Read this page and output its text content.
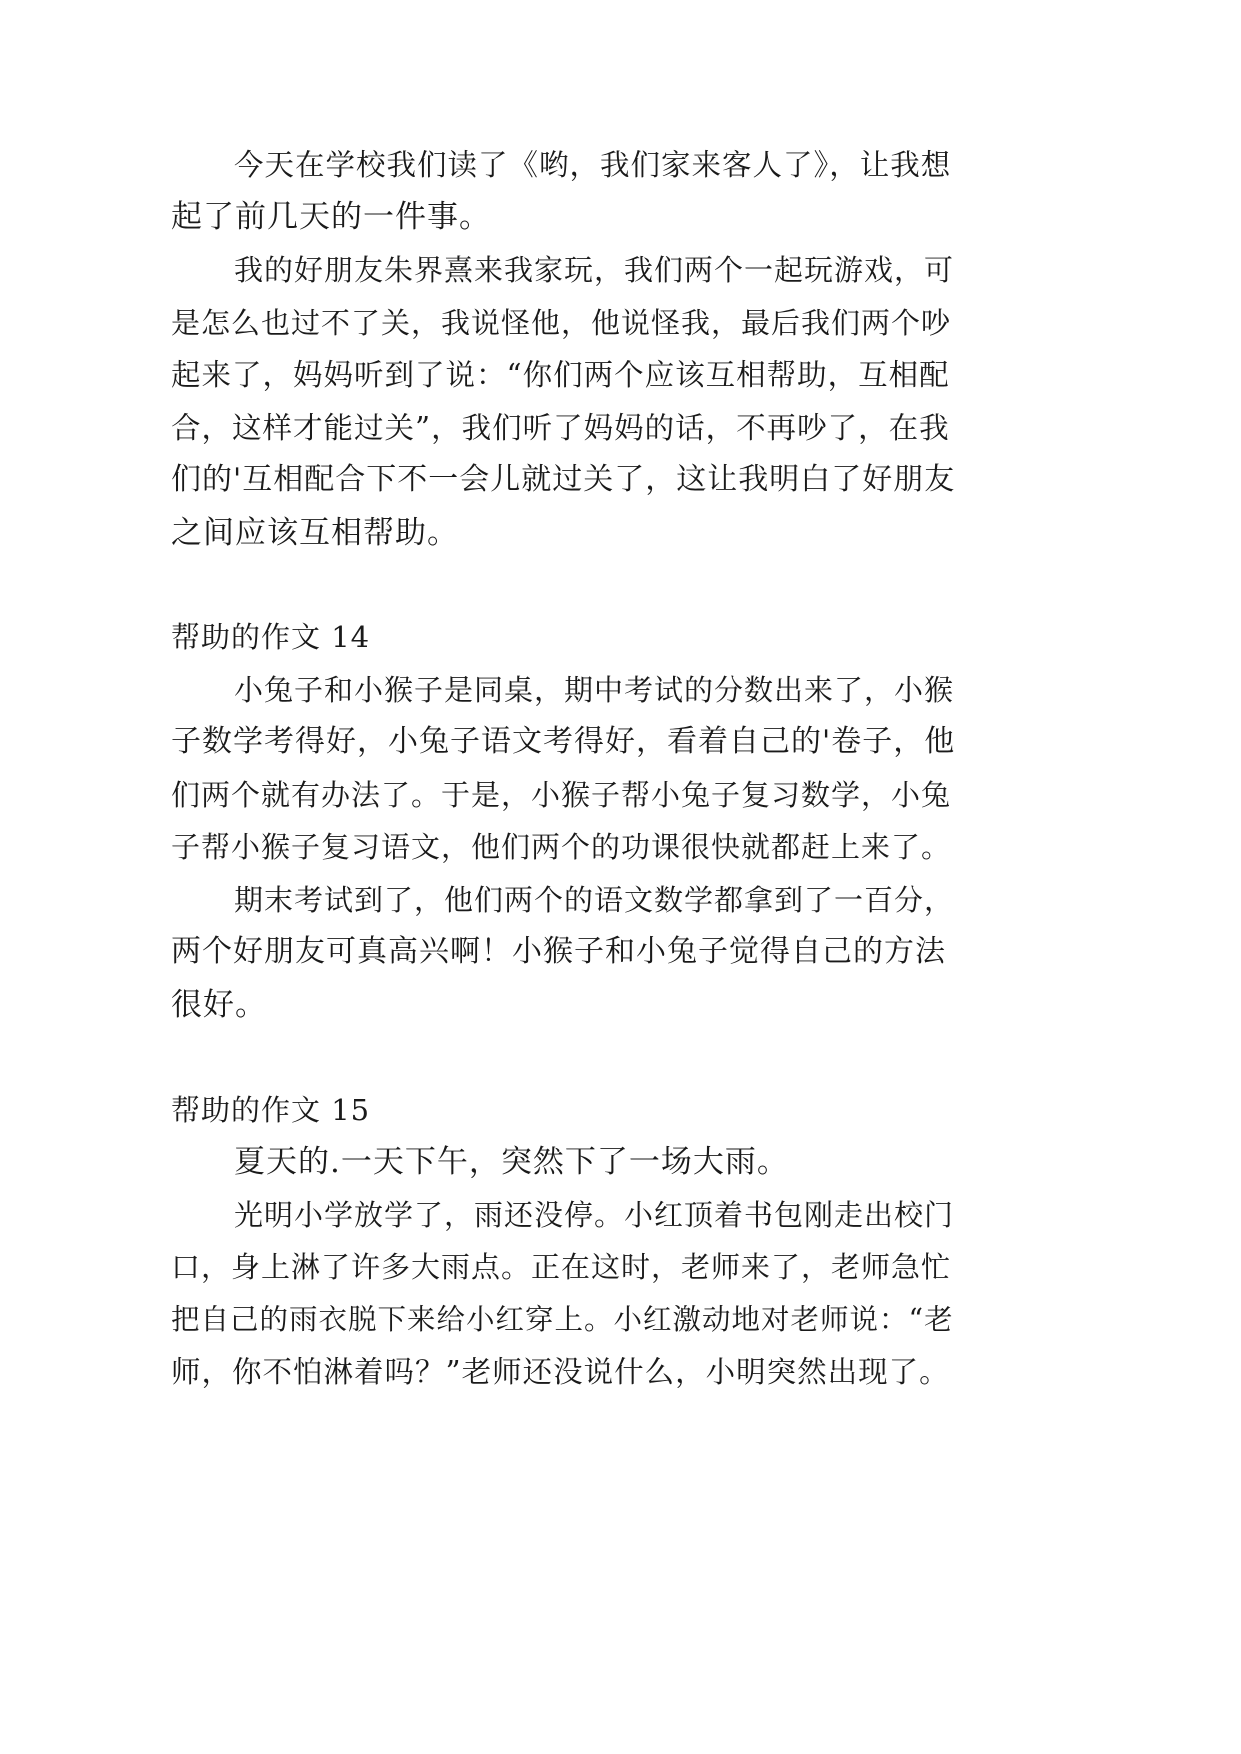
今天在学校我们读了《哟，我们家来客人了》，让我想
起了前几天的一件事。
我的好朋友朱界熹来我家玩，我们两个一起玩游戏，可
是怎么也过不了关，我说怪他，他说怪我，最后我们两个吵
起来了，妈妈听到了说：“你们两个应该互相帮助，互相配
合，这样才能过关”，我们听了妈妈的话，不再吵了，在我
们的'互相配合下不一会儿就过关了，这让我明白了好朋友
之间应该互相帮助。
帮助的作文 14
小兔子和小猴子是同桌，期中考试的分数出来了，小猴
子数学考得好，小兔子语文考得好，看着自己的'卷子，他
们两个就有办法了。于是，小猴子帮小兔子复习数学，小兔
子帮小猴子复习语文，他们两个的功课很快就都赶上来了。
期末考试到了，他们两个的语文数学都拿到了一百分，
两个好朋友可真高兴啊！小猴子和小兔子觉得自己的方法
很好。
帮助的作文 15
夏天的.一天下午，突然下了一场大雨。
光明小学放学了，雨还没停。小红顶着书包刚走出校门
口，身上淋了许多大雨点。正在这时，老师来了，老师急忙
把自己的雨衣脱下来给小红穿上。小红激动地对老师说：“老
师，你不怕淋着吗？”老师还没说什么，小明突然出现了。
